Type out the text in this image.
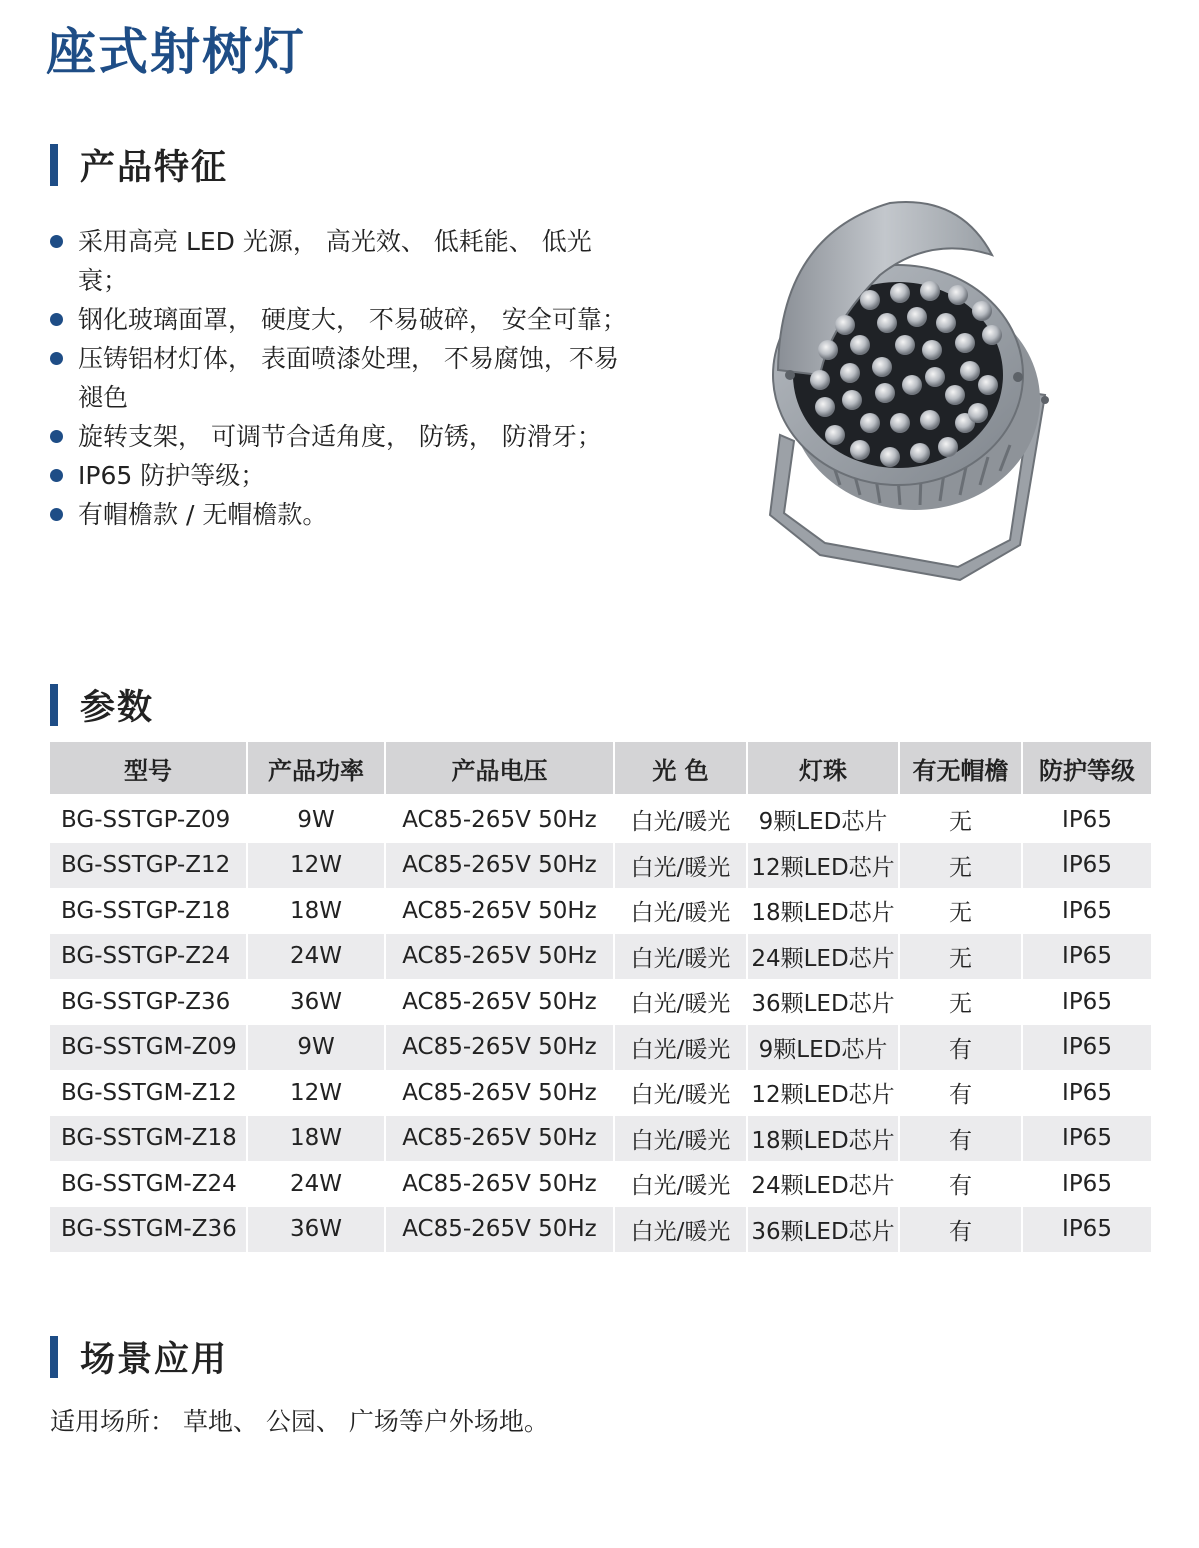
座式射树灯
产品特征
采用高亮 LED 光源， 高光效、 低耗能、 低光衰；
钢化玻璃面罩， 硬度大， 不易破碎， 安全可靠；
压铸铝材灯体， 表面喷漆处理， 不易腐蚀，不易褪色
旋转支架， 可调节合适角度， 防锈， 防滑牙；
IP65 防护等级；
有帽檐款 / 无帽檐款。
参数
型号	产品功率	产品电压	光 色	灯珠	有无帽檐	防护等级
BG-SSTGP-Z09	9W	AC85-265V 50Hz	白光/暖光	9颗LED芯片	无	IP65
BG-SSTGP-Z12	12W	AC85-265V 50Hz	白光/暖光	12颗LED芯片	无	IP65
BG-SSTGP-Z18	18W	AC85-265V 50Hz	白光/暖光	18颗LED芯片	无	IP65
BG-SSTGP-Z24	24W	AC85-265V 50Hz	白光/暖光	24颗LED芯片	无	IP65
BG-SSTGP-Z36	36W	AC85-265V 50Hz	白光/暖光	36颗LED芯片	无	IP65
BG-SSTGM-Z09	9W	AC85-265V 50Hz	白光/暖光	9颗LED芯片	有	IP65
BG-SSTGM-Z12	12W	AC85-265V 50Hz	白光/暖光	12颗LED芯片	有	IP65
BG-SSTGM-Z18	18W	AC85-265V 50Hz	白光/暖光	18颗LED芯片	有	IP65
BG-SSTGM-Z24	24W	AC85-265V 50Hz	白光/暖光	24颗LED芯片	有	IP65
BG-SSTGM-Z36	36W	AC85-265V 50Hz	白光/暖光	36颗LED芯片	有	IP65
场景应用
适用场所： 草地、 公园、 广场等户外场地。
